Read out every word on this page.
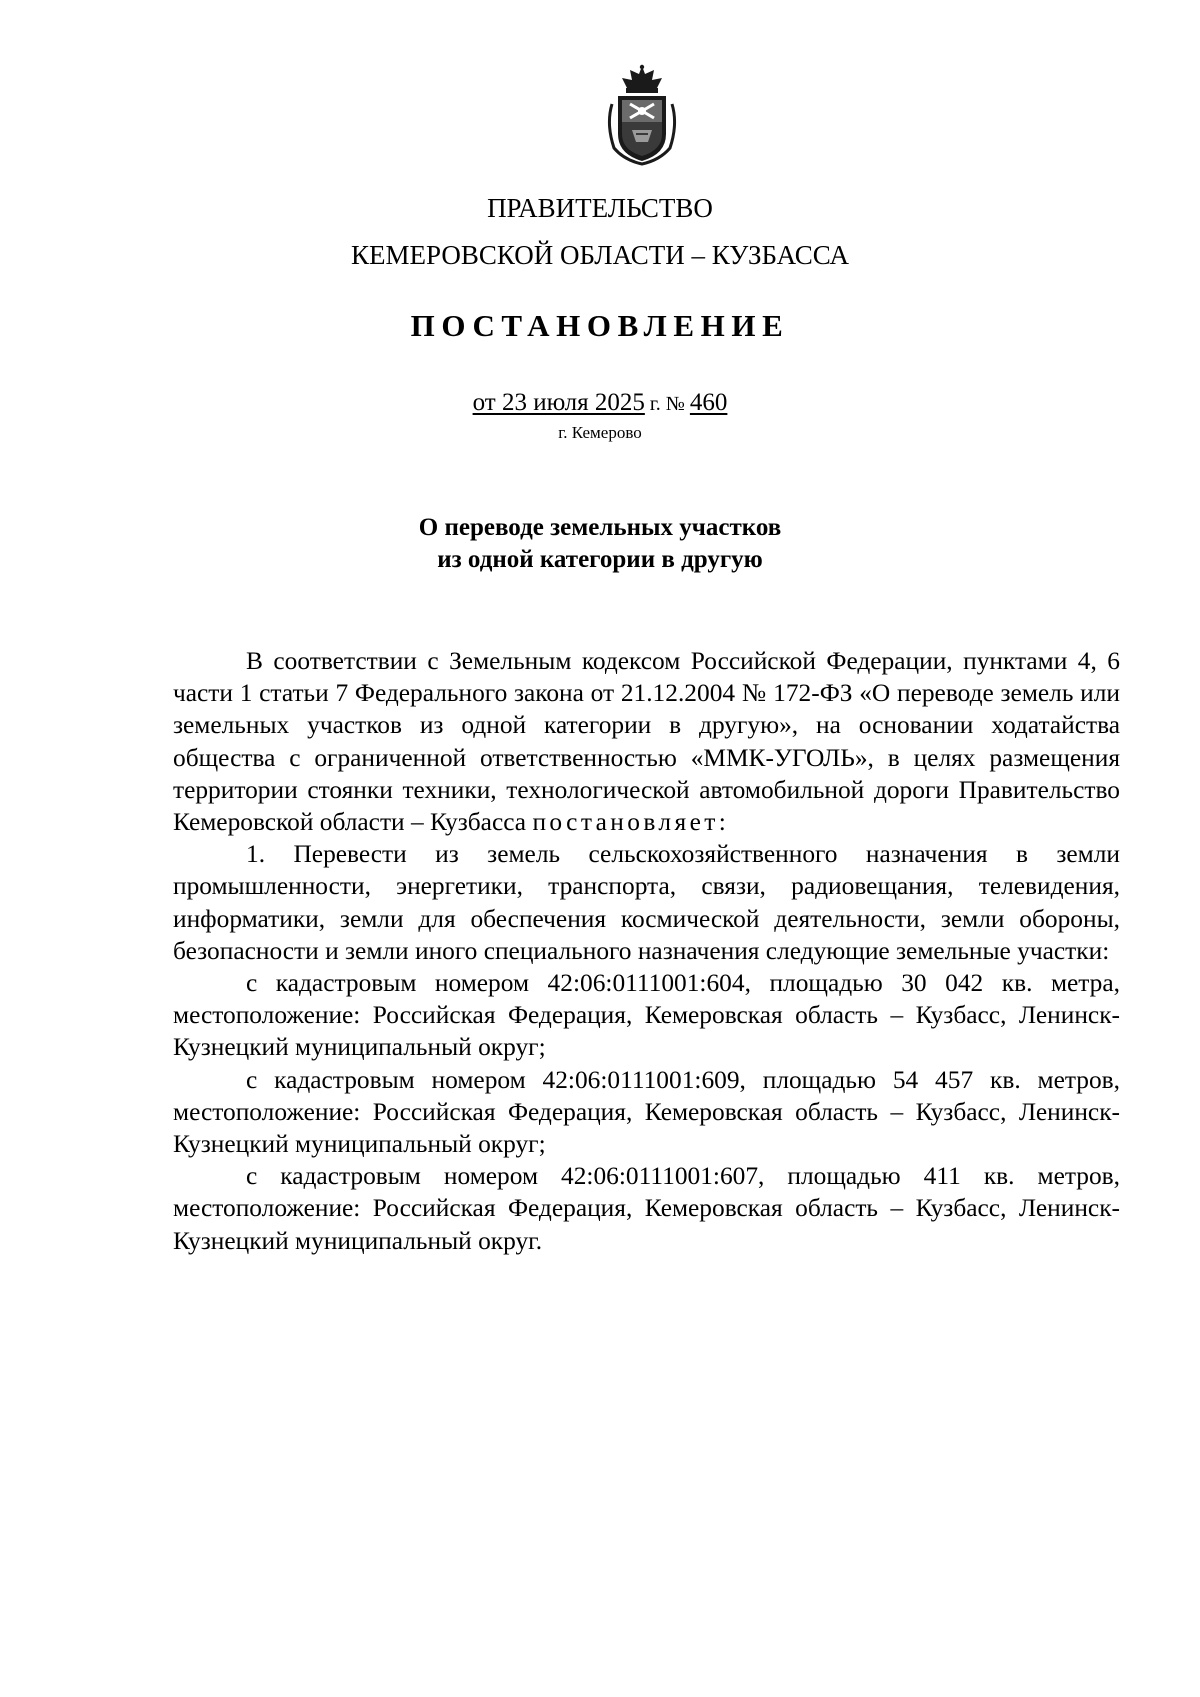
ПРАВИТЕЛЬСТВО
КЕМЕРОВСКОЙ ОБЛАСТИ – КУЗБАССА
ПОСТАНОВЛЕНИЕ
от 23 июля 2025 г. № 460
г. Кемерово
О переводе земельных участков
из одной категории в другую

В соответствии с Земельным кодексом Российской Федерации, пунктами 4, 6 части 1 статьи 7 Федерального закона от 21.12.2004 № 172-ФЗ «О переводе земель или земельных участков из одной категории в другую», на основании ходатайства общества с ограниченной ответственностью «ММК-УГОЛЬ», в целях размещения территории стоянки техники, технологической автомобильной дороги Правительство Кемеровской области – Кузбасса постановляет:

1. Перевести из земель сельскохозяйственного назначения в земли промышленности, энергетики, транспорта, связи, радиовещания, телевидения, информатики, земли для обеспечения космической деятельности, земли обороны, безопасности и земли иного специального назначения следующие земельные участки:

с кадастровым номером 42:06:0111001:604, площадью 30 042 кв. метра, местоположение: Российская Федерация, Кемеровская область – Кузбасс, Ленинск-Кузнецкий муниципальный округ;

с кадастровым номером 42:06:0111001:609, площадью 54 457 кв. метров, местоположение: Российская Федерация, Кемеровская область – Кузбасс, Ленинск-Кузнецкий муниципальный округ;

с кадастровым номером 42:06:0111001:607, площадью 411 кв. метров, местоположение: Российская Федерация, Кемеровская область – Кузбасс, Ленинск-Кузнецкий муниципальный округ.
